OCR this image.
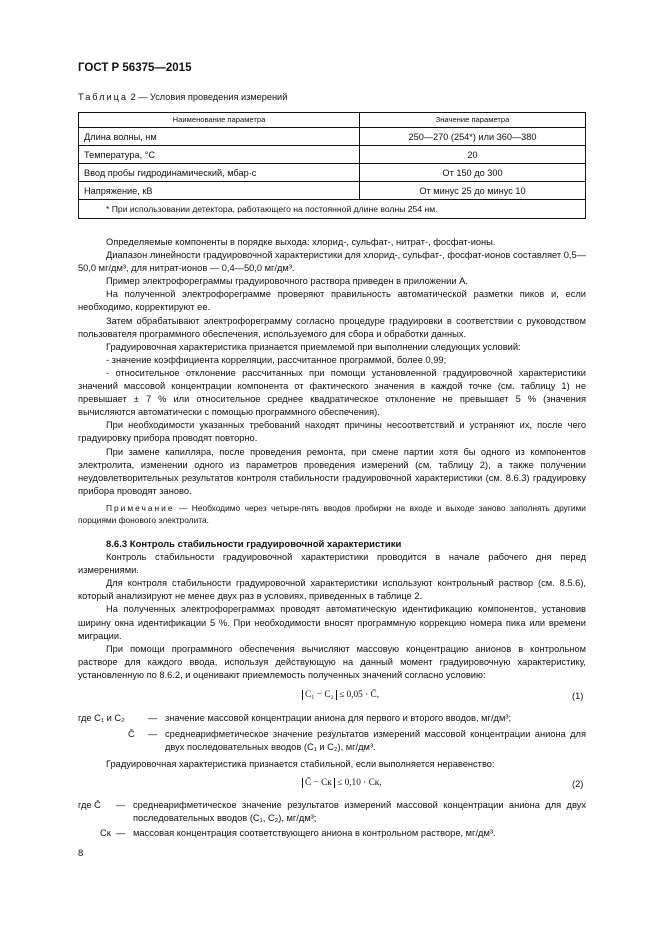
ГОСТ Р 56375—2015
Таблица 2 — Условия проведения измерений
Наименование параметра	Значение параметра
Длина волны, нм	250—270 (254*) или 360—380
Температура, °С	20
Ввод пробы гидродинамический, мбар·с	От 150 до 300
Напряжение, кВ	От минус 25 до минус 10
* При использовании детектора, работающего на постоянной длине волны 254 нм.	

Определяемые компоненты в порядке выхода: хлорид-, сульфат-, нитрат-, фосфат-ионы.

Диапазон линейности градуировочной характеристики для хлорид-, сульфат-, фосфат-ионов составляет 0,5—50,0 мг/дм³, для нитрат-ионов — 0,4—50,0 мг/дм³.

Пример электрофореграммы градуировочного раствора приведен в приложении А.

На полученной электрофореграмме проверяют правильность автоматической разметки пиков и, если необходимо, корректируют ее.

Затем обрабатывают электрофореграмму согласно процедуре градуировки в соответствии с руководством пользователя программного обеспечения, используемого для сбора и обработки данных.

Градуировочная характеристика признается приемлемой при выполнении следующих условий:

- значение коэффициента корреляции, рассчитанное программой, более 0,99;

- относительное отклонение рассчитанных при помощи установленной градуировочной характеристики значений массовой концентрации компонента от фактического значения в каждой точке (см. таблицу 1) не превышает ± 7 % или относительное среднее квадратическое отклонение не превышает 5 % (значения вычисляются автоматически с помощью программного обеспечения).

При необходимости указанных требований находят причины несоответствий и устраняют их, после чего градуировку прибора проводят повторно.

При замене капилляра, после проведения ремонта, при смене партии хотя бы одного из компонентов электролита, изменении одного из параметров проведения измерений (см. таблицу 2), а также получении неудовлетворительных результатов контроля стабильности градуировочной характеристики (см. 8.6.3) градуировку прибора проводят заново.

Примечание — Необходимо через четыре-пять вводов пробирки на входе и выходе заново заполнять другими порциями фонового электролита.

8.6.3 Контроль стабильности градуировочной характеристики

Контроль стабильности градуировочной характеристики проводится в начале рабочего дня перед измерениями.

Для контроля стабильности градуировочной характеристики используют контрольный раствор (см. 8.5.6), который анализируют не менее двух раз в условиях, приведенных в таблице 2.

На полученных электрофореграммах проводят автоматическую идентификацию компонентов, установив ширину окна идентификации 5 %. При необходимости вносят программную коррекцию номера пика или времени миграции.

При помощи программного обеспечения вычисляют массовую концентрацию анионов в контрольном растворе для каждого ввода, используя действующую на данный момент градуировочную характеристику, установленную по 8.6.2, и оценивают приемлемость полученных значений согласно условию:

C₁ − C₂ ≤ 0,05 · C̄,	(1)
где C₁ и C₂	— значение массовой концентрации аниона для первого и второго вводов, мг/дм³;
C̄ — среднеарифметическое значение результатов измерений массовой концентрации аниона для двух последовательных вводов (C₁ и C₂), мг/дм³.
Градуировочная характеристика признается стабильной, если выполняется неравенство:
C̄ − Cк ≤ 0,10 · Cк,	(2)
где C̄	— среднеарифметическое значение результатов измерений массовой концентрации аниона для двух последовательных вводов (C₁, C₂), мг/дм³;
Cк — массовая концентрация соответствующего аниона в контрольном растворе, мг/дм³.
8
